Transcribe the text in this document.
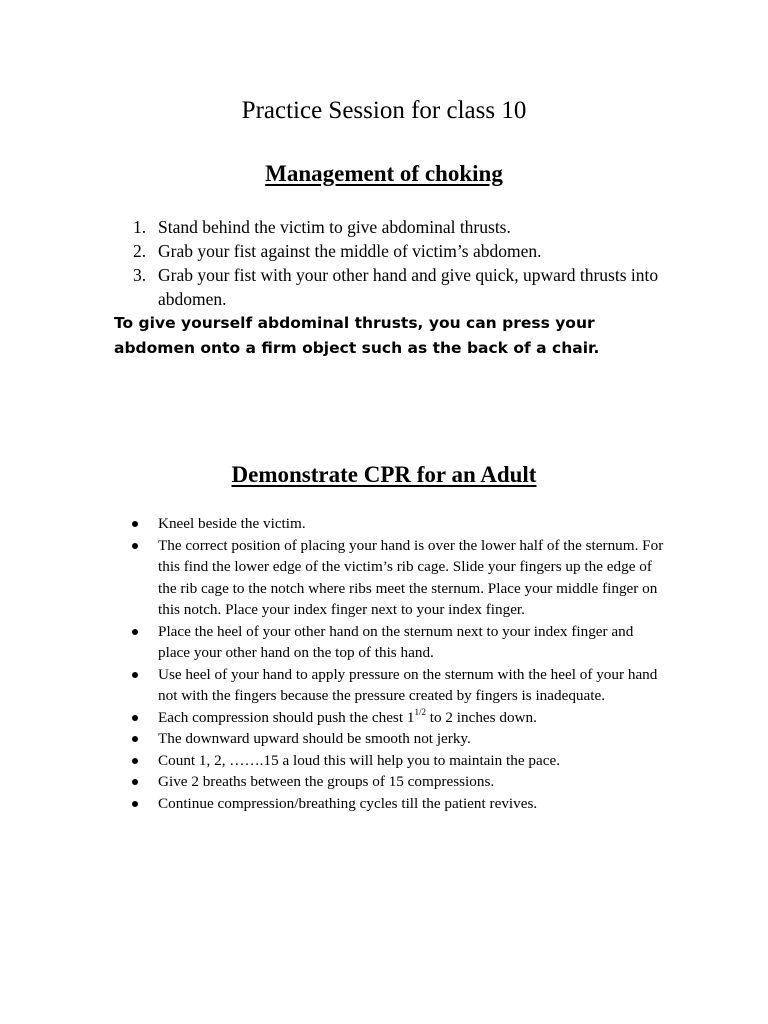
Practice Session for class 10
Management of choking
1. Stand behind the victim to give abdominal thrusts.
2. Grab your fist against the middle of victim’s abdomen.
3. Grab your fist with your other hand and give quick, upward thrusts into abdomen.
To give yourself abdominal thrusts, you can press your abdomen onto a firm object such as the back of a chair.
Demonstrate CPR for an Adult
Kneel beside the victim.
The correct position of placing your hand is over the lower half of the sternum. For this find the lower edge of the victim’s rib cage. Slide your fingers up the edge of the rib cage to the notch where ribs meet the sternum. Place your middle finger on this notch. Place your index finger next to your index finger.
Place the heel of your other hand on the sternum next to your index finger and place your other hand on the top of this hand.
Use heel of your hand to apply pressure on the sternum with the heel of your hand not with the fingers because the pressure created by fingers is inadequate.
Each compression should push the chest $1^{1/2}$ to 2 inches down.
The downward upward should be smooth not jerky.
Count 1, 2, …….15 a loud this will help you to maintain the pace.
Give 2 breaths between the groups of 15 compressions.
Continue compression/breathing cycles till the patient revives.
